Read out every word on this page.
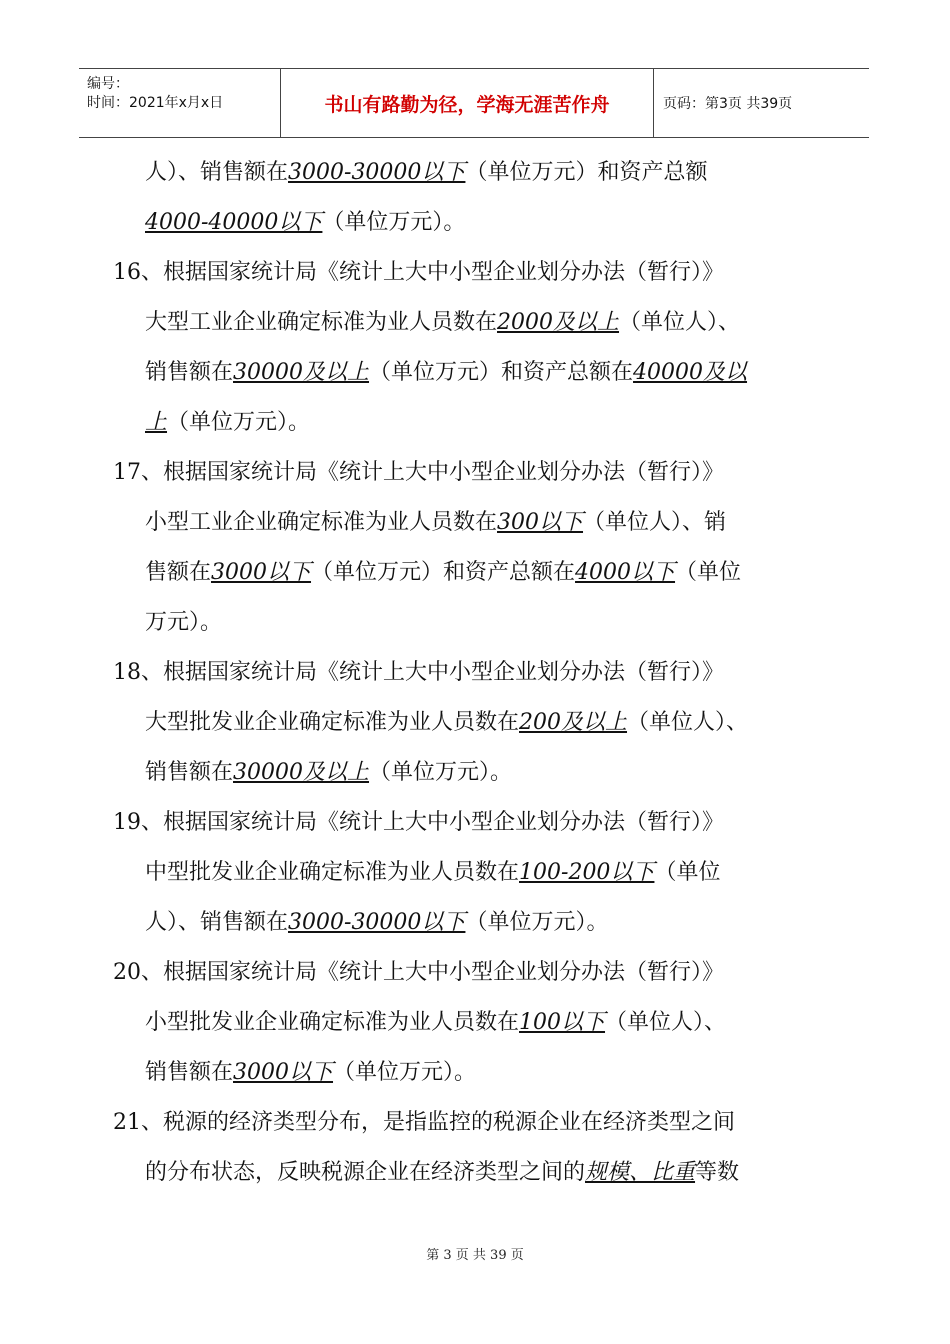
编号：
时间：2021年x月x日	书山有路勤为径，学海无涯苦作舟	页码：第3页 共39页
人）、销售额在3000-30000以下（单位万元）和资产总额
4000-40000以下（单位万元）。
16、根据国家统计局《统计上大中小型企业划分办法（暂行）》
大型工业企业确定标准为业人员数在2000及以上（单位人）、
销售额在30000及以上（单位万元）和资产总额在40000及以
上（单位万元）。
17、根据国家统计局《统计上大中小型企业划分办法（暂行）》
小型工业企业确定标准为业人员数在300以下（单位人）、销
售额在3000以下（单位万元）和资产总额在4000以下（单位
万元）。
18、根据国家统计局《统计上大中小型企业划分办法（暂行）》
大型批发业企业确定标准为业人员数在200及以上（单位人）、
销售额在30000及以上（单位万元）。
19、根据国家统计局《统计上大中小型企业划分办法（暂行）》
中型批发业企业确定标准为业人员数在100-200以下（单位
人）、销售额在3000-30000以下（单位万元）。
20、根据国家统计局《统计上大中小型企业划分办法（暂行）》
小型批发业企业确定标准为业人员数在100以下（单位人）、
销售额在3000以下（单位万元）。
21、税源的经济类型分布，是指监控的税源企业在经济类型之间
的分布状态，反映税源企业在经济类型之间的规模、比重等数
第 3 页 共 39 页
